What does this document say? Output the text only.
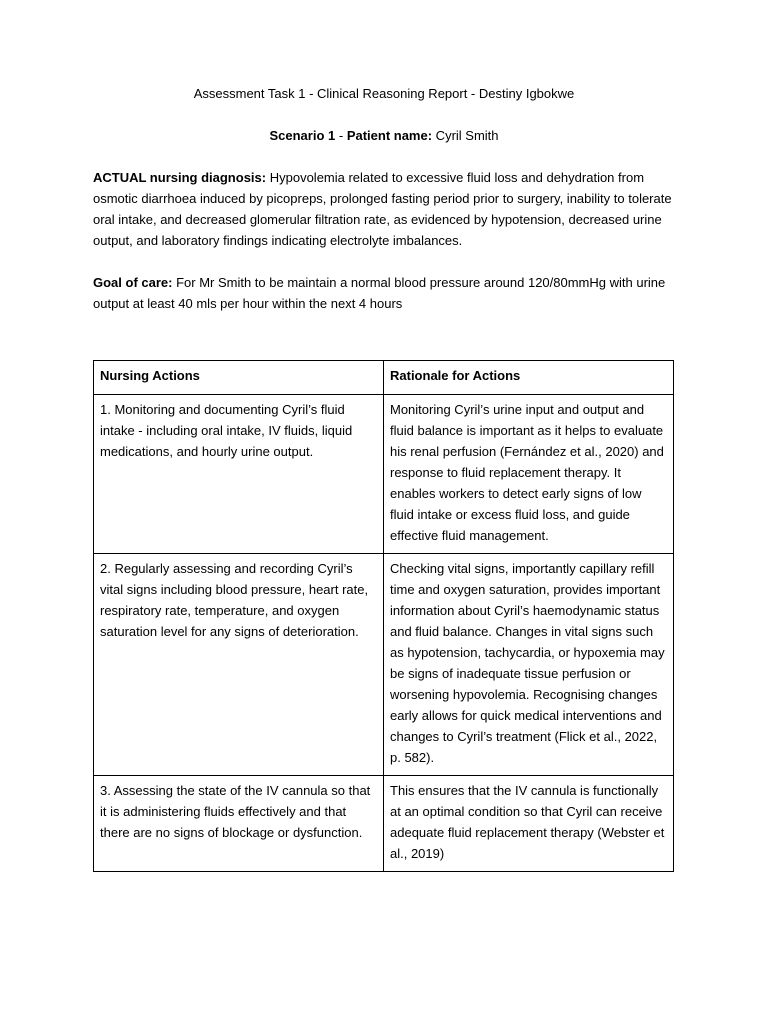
Assessment Task 1 - Clinical Reasoning Report - Destiny Igbokwe
Scenario 1 - Patient name: Cyril Smith
ACTUAL nursing diagnosis: Hypovolemia related to excessive fluid loss and dehydration from osmotic diarrhoea induced by picopreps, prolonged fasting period prior to surgery, inability to tolerate oral intake, and decreased glomerular filtration rate, as evidenced by hypotension, decreased urine output, and laboratory findings indicating electrolyte imbalances.
Goal of care: For Mr Smith to be maintain a normal blood pressure around 120/80mmHg with urine output at least 40 mls per hour within the next 4 hours
Nursing Actions	Rationale for Actions
1. Monitoring and documenting Cyril’s fluid intake - including oral intake, IV fluids, liquid medications, and hourly urine output.	Monitoring Cyril’s urine input and output and fluid balance is important as it helps to evaluate his renal perfusion (Fernández et al., 2020) and response to fluid replacement therapy. It enables workers to detect early signs of low fluid intake or excess fluid loss, and guide effective fluid management.
2. Regularly assessing and recording Cyril’s vital signs including blood pressure, heart rate, respiratory rate, temperature, and oxygen saturation level for any signs of deterioration.	Checking vital signs, importantly capillary refill time and oxygen saturation, provides important information about Cyril’s haemodynamic status and fluid balance. Changes in vital signs such as hypotension, tachycardia, or hypoxemia may be signs of inadequate tissue perfusion or worsening hypovolemia. Recognising changes early allows for quick medical interventions and changes to Cyril’s treatment (Flick et al., 2022, p. 582).
3. Assessing the state of the IV cannula so that it is administering fluids effectively and that there are no signs of blockage or dysfunction.	This ensures that the IV cannula is functionally at an optimal condition so that Cyril can receive adequate fluid replacement therapy (Webster et al., 2019)
